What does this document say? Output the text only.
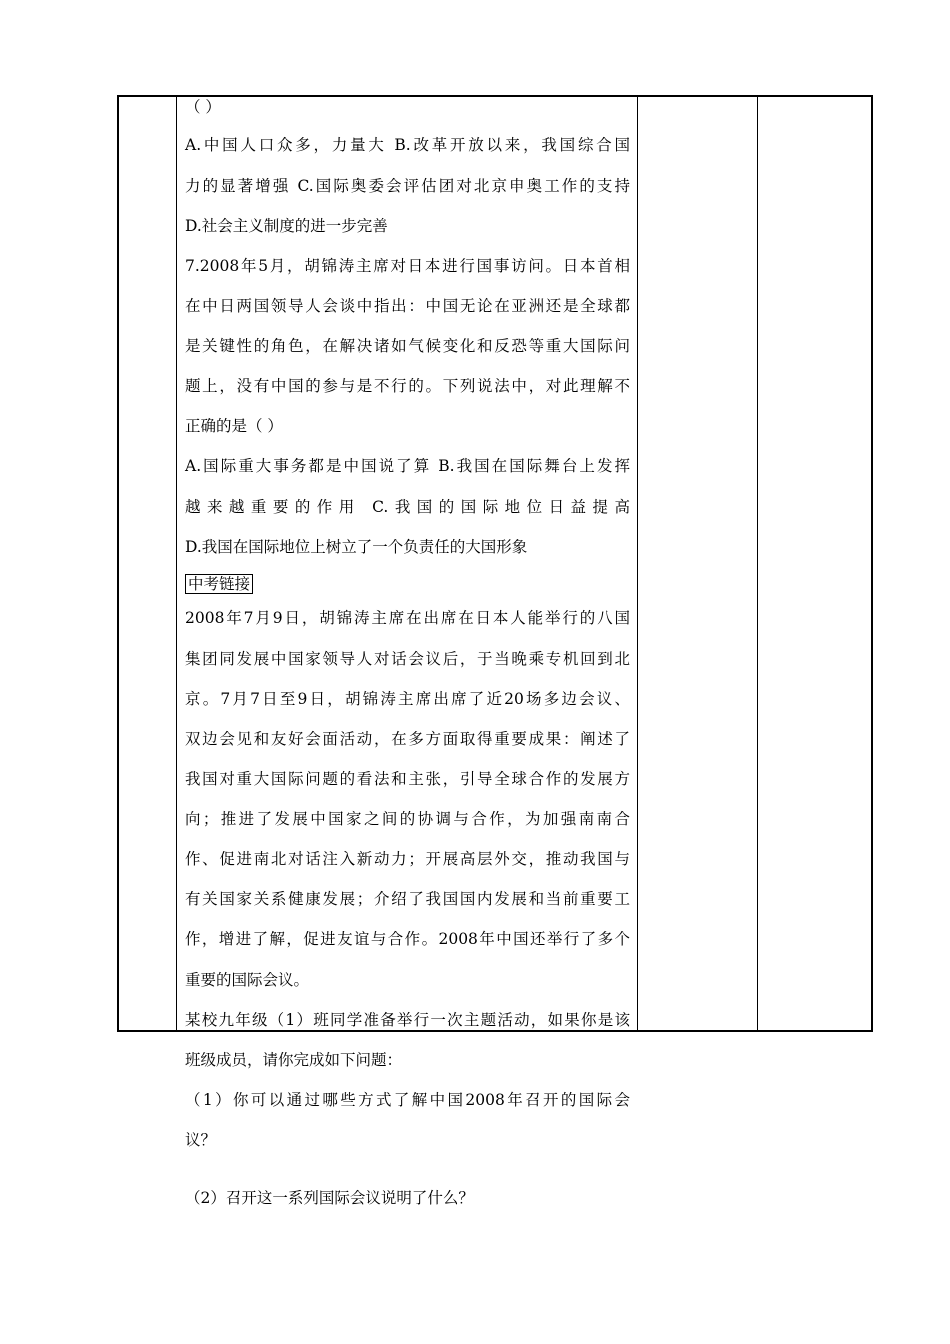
（ ）
A.中国人口众多，力量大 B.改革开放以来，我国综合国
力的显著增强 C.国际奥委会评估团对北京申奥工作的支持
D.社会主义制度的进一步完善
7.2008年5月，胡锦涛主席对日本进行国事访问。日本首相
在中日两国领导人会谈中指出：中国无论在亚洲还是全球都
是关键性的角色，在解决诸如气候变化和反恐等重大国际问
题上，没有中国的参与是不行的。下列说法中，对此理解不
正确的是（ ）
A.国际重大事务都是中国说了算 B.我国在国际舞台上发挥
越来越重要的作用 C.我国的国际地位日益提高
D.我国在国际地位上树立了一个负责任的大国形象
中考链接
2008年7月9日，胡锦涛主席在出席在日本人能举行的八国
集团同发展中国家领导人对话会议后，于当晚乘专机回到北
京。7月7日至9日，胡锦涛主席出席了近20场多边会议、
双边会见和友好会面活动，在多方面取得重要成果：阐述了
我国对重大国际问题的看法和主张，引导全球合作的发展方
向；推进了发展中国家之间的协调与合作，为加强南南合
作、促进南北对话注入新动力；开展高层外交，推动我国与
有关国家关系健康发展；介绍了我国国内发展和当前重要工
作，增进了解，促进友谊与合作。2008年中国还举行了多个
重要的国际会议。
某校九年级（1）班同学准备举行一次主题活动，如果你是该
班级成员，请你完成如下问题：
（1）你可以通过哪些方式了解中国2008年召开的国际会
议？
（2）召开这一系列国际会议说明了什么？
